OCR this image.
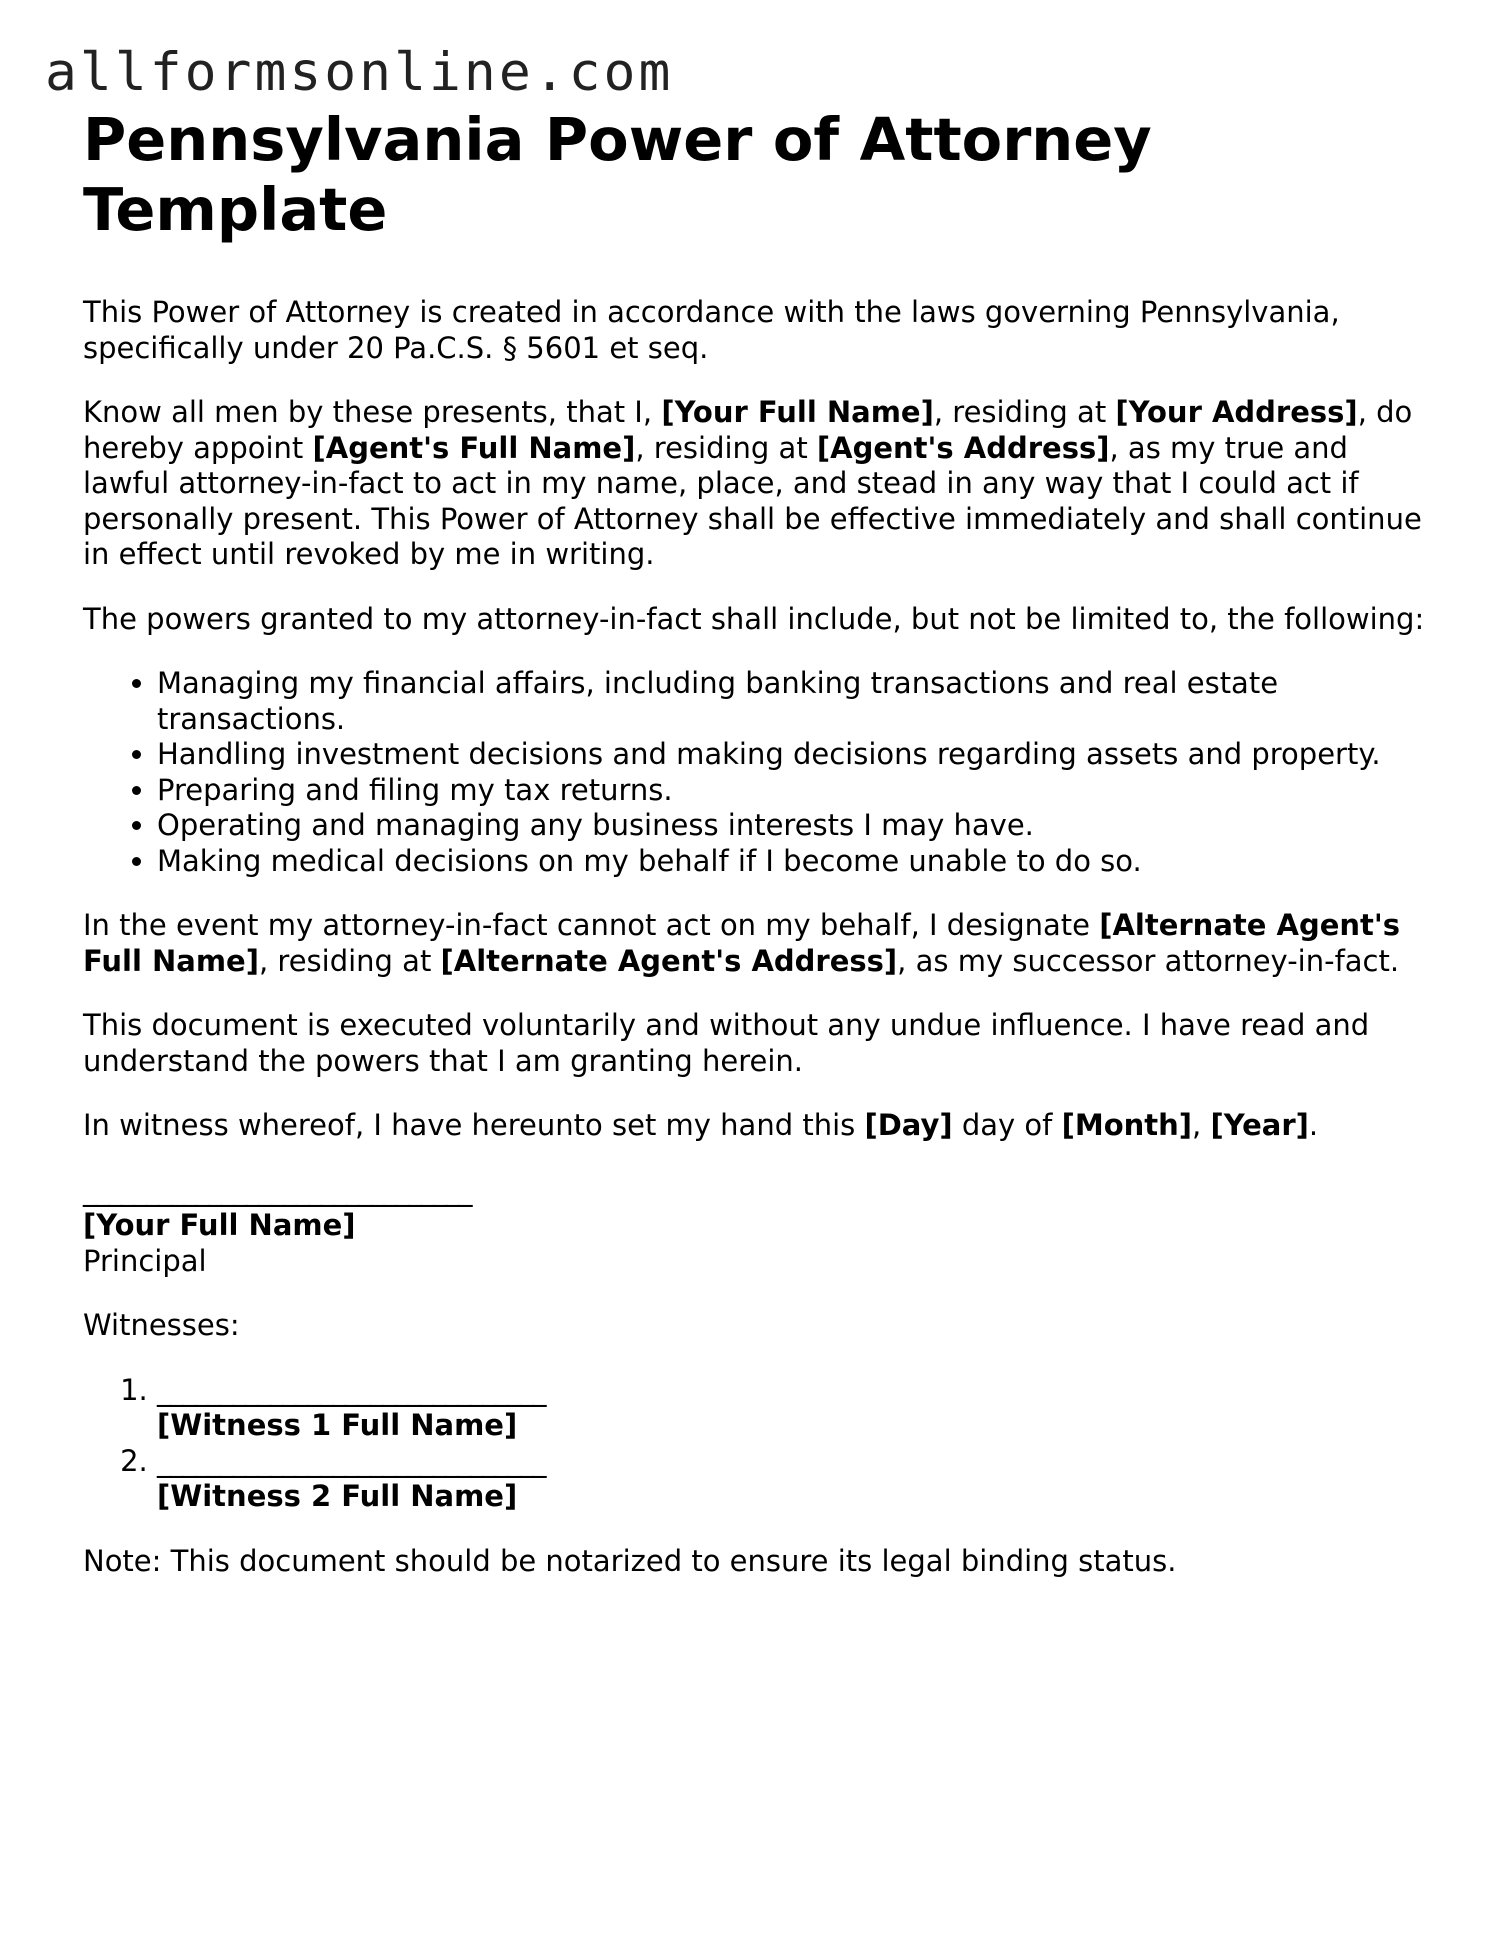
allformsonline.com
Pennsylvania Power of Attorney Template

This Power of Attorney is created in accordance with the laws governing Pennsylvania, specifically under 20 Pa.C.S. § 5601 et seq.

Know all men by these presents, that I, [Your Full Name], residing at [Your Address], do hereby appoint [Agent's Full Name], residing at [Agent's Address], as my true and lawful attorney-in-fact to act in my name, place, and stead in any way that I could act if personally present. This Power of Attorney shall be effective immediately and shall continue in effect until revoked by me in writing.

The powers granted to my attorney-in-fact shall include, but not be limited to, the following:

• Managing my financial affairs, including banking transactions and real estate transactions.
• Handling investment decisions and making decisions regarding assets and property.
• Preparing and filing my tax returns.
• Operating and managing any business interests I may have.
• Making medical decisions on my behalf if I become unable to do so.

In the event my attorney-in-fact cannot act on my behalf, I designate [Alternate Agent's Full Name], residing at [Alternate Agent's Address], as my successor attorney-in-fact.

This document is executed voluntarily and without any undue influence. I have read and understand the powers that I am granting herein.

In witness whereof, I have hereunto set my hand this [Day] day of [Month], [Year].

_______________________________

[Your Full Name]

Principal

Witnesses:

1. _______________________________
[Witness 1 Full Name]
2. _______________________________
[Witness 2 Full Name]

Note: This document should be notarized to ensure its legal binding status.
